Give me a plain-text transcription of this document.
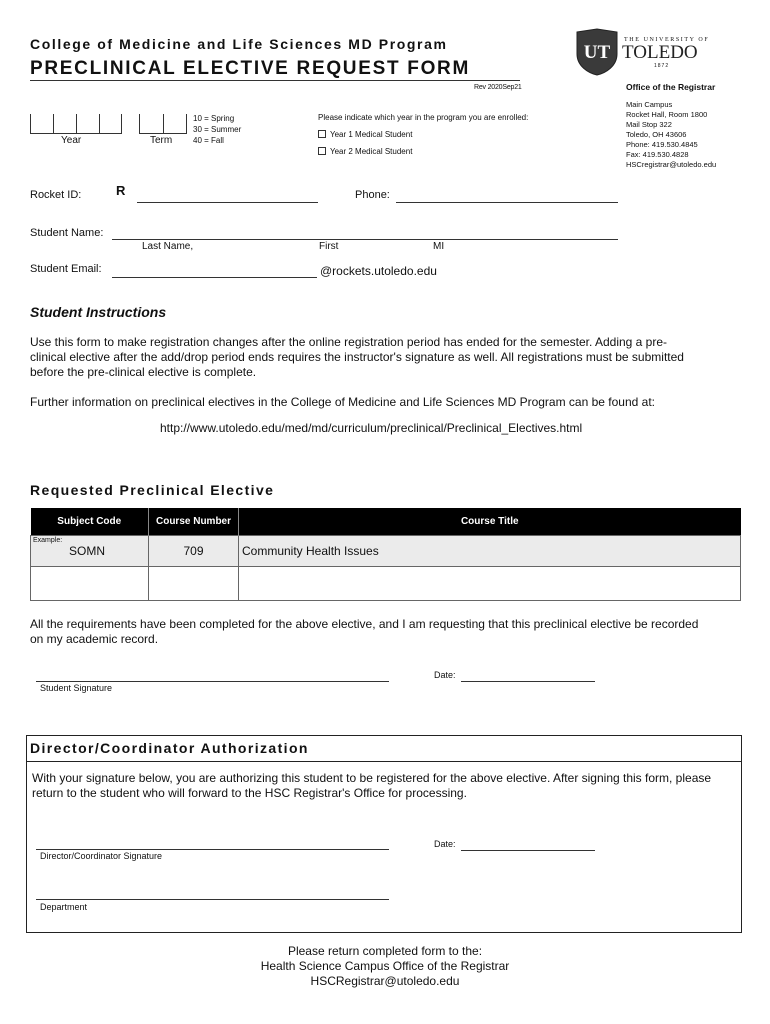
College of Medicine and Life Sciences MD Program
PRECLINICAL ELECTIVE REQUEST FORM
Rev 2020Sep21
UT
THE UNIVERSITY OF
TOLEDO
1872
Office of the Registrar
Main Campus
Rocket Hall, Room 1800
Mail Stop 322
Toledo, OH 43606
Phone: 419.530.4845
Fax: 419.530.4828
HSCregistrar@utoledo.edu
Year	Term
10 = Spring
30 = Summer
40 = Fall
Please indicate which year in the program you are enrolled:
Year 1 Medical Student
Year 2 Medical Student
Rocket ID:	R	Phone:
Student Name:
Last Name,	First	MI
Student Email:	@rockets.utoledo.edu
Student Instructions
Use this form to make registration changes after the online registration period has ended for the semester. Adding a pre-clinical elective after the add/drop period ends requires the instructor's signature as well. All registrations must be submitted before the pre-clinical elective is complete.
Further information on preclinical electives in the College of Medicine and Life Sciences MD Program can be found at:
http://www.utoledo.edu/med/md/curriculum/preclinical/Preclinical_Electives.html
Requested Preclinical Elective
Subject Code	Course Number	Course Title

Example:
SOMN	709	Community Health Issues

All the requirements have been completed for the above elective, and I am requesting that this preclinical elective be recorded on my academic record.
Student Signature
Date:
Director/Coordinator Authorization
With your signature below, you are authorizing this student to be registered for the above elective. After signing this form, please return to the student who will forward to the HSC Registrar's Office for processing.
Director/Coordinator Signature
Date:
Department
Please return completed form to the:
Health Science Campus Office of the Registrar
HSCRegistrar@utoledo.edu
